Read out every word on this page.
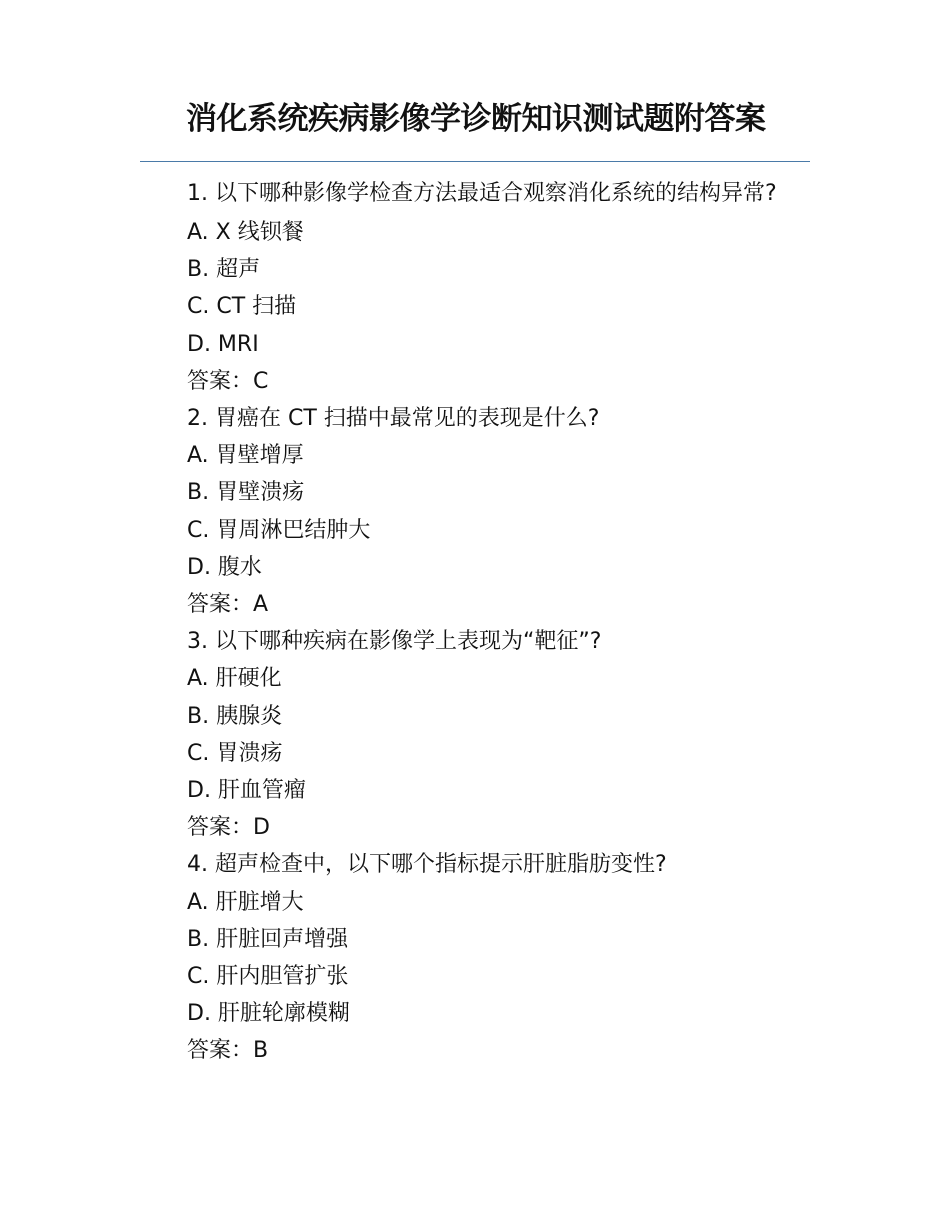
消化系统疾病影像学诊断知识测试题附答案

1. 以下哪种影像学检查方法最适合观察消化系统的结构异常?

A. X 线钡餐

B. 超声

C. CT 扫描

D. MRI

答案：C

2. 胃癌在 CT 扫描中最常见的表现是什么?

A. 胃壁增厚

B. 胃壁溃疡

C. 胃周淋巴结肿大

D. 腹水

答案：A

3. 以下哪种疾病在影像学上表现为“靶征”?

A. 肝硬化

B. 胰腺炎

C. 胃溃疡

D. 肝血管瘤

答案：D

4. 超声检查中，以下哪个指标提示肝脏脂肪变性?

A. 肝脏增大

B. 肝脏回声增强

C. 肝内胆管扩张

D. 肝脏轮廓模糊

答案：B
